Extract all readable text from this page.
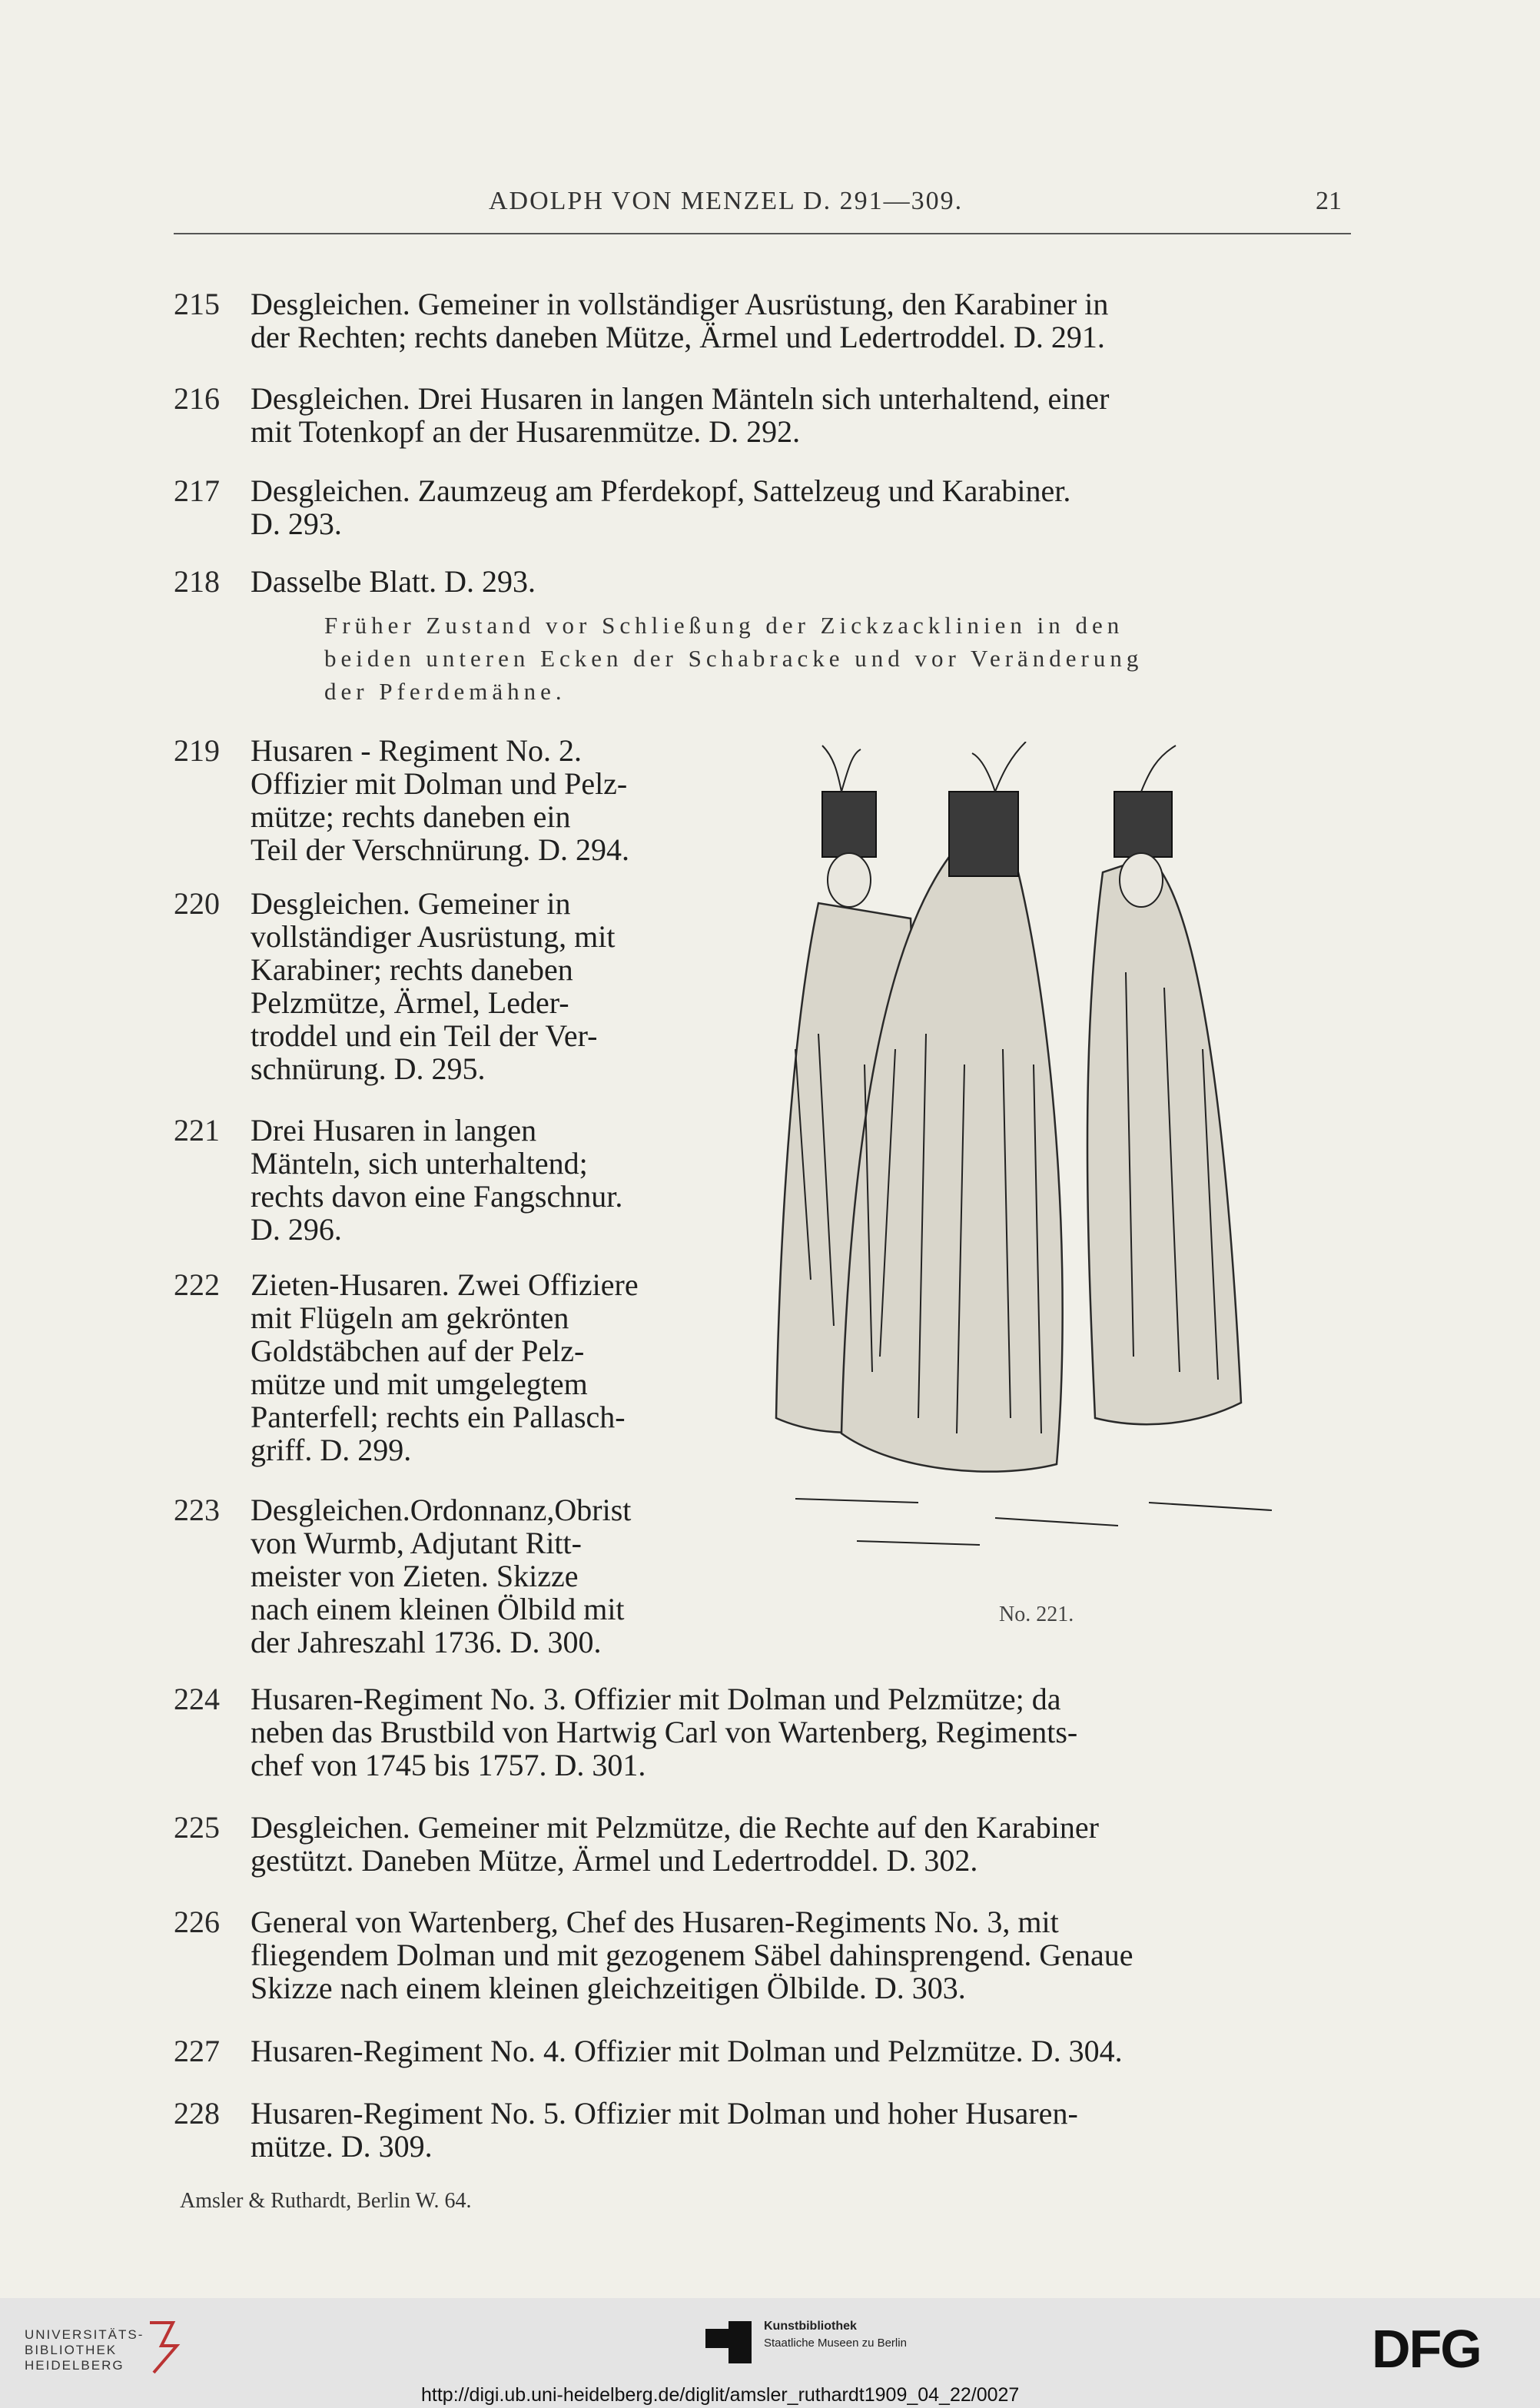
ADOLPH VON MENZEL D. 291—309.	21
215	Desgleichen. Gemeiner in vollständiger Ausrüstung, den Karabiner in
der Rechten; rechts daneben Mütze, Ärmel und Ledertroddel. D. 291.
216	Desgleichen. Drei Husaren in langen Mänteln sich unterhaltend, einer
mit Totenkopf an der Husarenmütze. D. 292.
217	Desgleichen. Zaumzeug am Pferdekopf, Sattelzeug und Karabiner.
D. 293.
218	Dasselbe Blatt. D. 293.
Früher Zustand vor Schließung der Zickzacklinien in den
beiden unteren Ecken der Schabracke und vor Veränderung
der Pferdemähne.
219	Husaren - Regiment No. 2.
Offizier mit Dolman und Pelz-
mütze; rechts daneben ein
Teil der Verschnürung. D. 294.
220	Desgleichen. Gemeiner in
vollständiger Ausrüstung, mit
Karabiner; rechts daneben
Pelzmütze, Ärmel, Leder-
troddel und ein Teil der Ver-
schnürung. D. 295.
221	Drei Husaren in langen
Mänteln, sich unterhaltend;
rechts davon eine Fangschnur.
D. 296.
222	Zieten-Husaren. Zwei Offiziere
mit Flügeln am gekrönten
Goldstäbchen auf der Pelz-
mütze und mit umgelegtem
Panterfell; rechts ein Pallasch-
griff. D. 299.
223	Desgleichen.Ordonnanz,Obrist
von Wurmb, Adjutant Ritt-
meister von Zieten. Skizze
nach einem kleinen Ölbild mit
der Jahreszahl 1736. D. 300.
No. 221.
224	Husaren-Regiment No. 3. Offizier mit Dolman und Pelzmütze; da
neben das Brustbild von Hartwig Carl von Wartenberg, Regiments-
chef von 1745 bis 1757. D. 301.
225	Desgleichen. Gemeiner mit Pelzmütze, die Rechte auf den Karabiner
gestützt. Daneben Mütze, Ärmel und Ledertroddel. D. 302.
226	General von Wartenberg, Chef des Husaren-Regiments No. 3, mit
fliegendem Dolman und mit gezogenem Säbel dahinsprengend. Genaue
Skizze nach einem kleinen gleichzeitigen Ölbilde. D. 303.
227	Husaren-Regiment No. 4. Offizier mit Dolman und Pelzmütze. D. 304.
228	Husaren-Regiment No. 5. Offizier mit Dolman und hoher Husaren-
mütze. D. 309.
Amsler & Ruthardt, Berlin W. 64.
UNIVERSITÄTS-
BIBLIOTHEK
HEIDELBERG
Kunstbibliothek
Staatliche Museen zu Berlin	DFG
http://digi.ub.uni-heidelberg.de/diglit/amsler_ruthardt1909_04_22/0027
